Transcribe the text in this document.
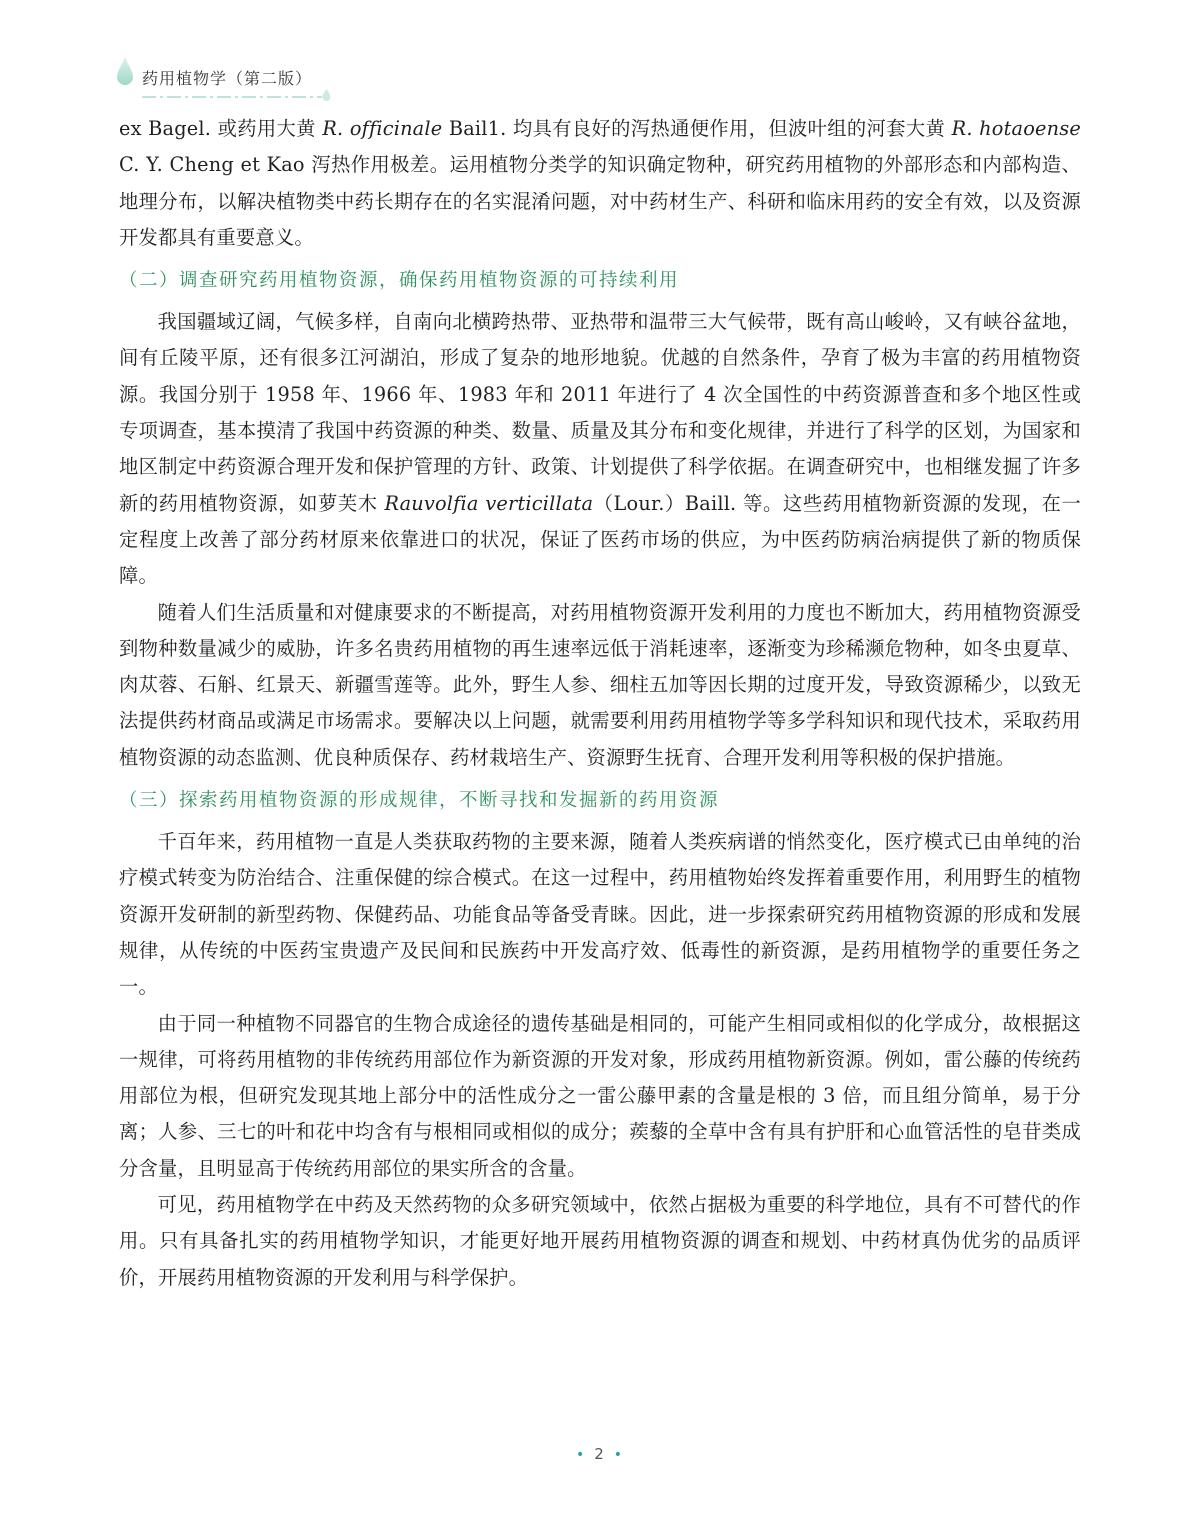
药用植物学（第二版）

ex Bagel. 或药用大黄 R. officinale Bail1. 均具有良好的泻热通便作用，但波叶组的河套大黄 R. hotaoense C. Y. Cheng et Kao 泻热作用极差。运用植物分类学的知识确定物种，研究药用植物的外部形态和内部构造、地理分布，以解决植物类中药长期存在的名实混淆问题，对中药材生产、科研和临床用药的安全有效，以及资源开发都具有重要意义。

（二）调查研究药用植物资源，确保药用植物资源的可持续利用

我国疆域辽阔，气候多样，自南向北横跨热带、亚热带和温带三大气候带，既有高山峻岭，又有峡谷盆地，间有丘陵平原，还有很多江河湖泊，形成了复杂的地形地貌。优越的自然条件，孕育了极为丰富的药用植物资源。我国分别于 1958 年、1966 年、1983 年和 2011 年进行了 4 次全国性的中药资源普查和多个地区性或专项调查，基本摸清了我国中药资源的种类、数量、质量及其分布和变化规律，并进行了科学的区划，为国家和地区制定中药资源合理开发和保护管理的方针、政策、计划提供了科学依据。在调查研究中，也相继发掘了许多新的药用植物资源，如萝芙木 Rauvolfia verticillata（Lour.）Baill. 等。这些药用植物新资源的发现，在一定程度上改善了部分药材原来依靠进口的状况，保证了医药市场的供应，为中医药防病治病提供了新的物质保障。

随着人们生活质量和对健康要求的不断提高，对药用植物资源开发利用的力度也不断加大，药用植物资源受到物种数量减少的威胁，许多名贵药用植物的再生速率远低于消耗速率，逐渐变为珍稀濒危物种，如冬虫夏草、肉苁蓉、石斛、红景天、新疆雪莲等。此外，野生人参、细柱五加等因长期的过度开发，导致资源稀少，以致无法提供药材商品或满足市场需求。要解决以上问题，就需要利用药用植物学等多学科知识和现代技术，采取药用植物资源的动态监测、优良种质保存、药材栽培生产、资源野生抚育、合理开发利用等积极的保护措施。

（三）探索药用植物资源的形成规律，不断寻找和发掘新的药用资源

千百年来，药用植物一直是人类获取药物的主要来源，随着人类疾病谱的悄然变化，医疗模式已由单纯的治疗模式转变为防治结合、注重保健的综合模式。在这一过程中，药用植物始终发挥着重要作用，利用野生的植物资源开发研制的新型药物、保健药品、功能食品等备受青睐。因此，进一步探索研究药用植物资源的形成和发展规律，从传统的中医药宝贵遗产及民间和民族药中开发高疗效、低毒性的新资源，是药用植物学的重要任务之一。

由于同一种植物不同器官的生物合成途径的遗传基础是相同的，可能产生相同或相似的化学成分，故根据这一规律，可将药用植物的非传统药用部位作为新资源的开发对象，形成药用植物新资源。例如，雷公藤的传统药用部位为根，但研究发现其地上部分中的活性成分之一雷公藤甲素的含量是根的 3 倍，而且组分简单，易于分离；人参、三七的叶和花中均含有与根相同或相似的成分；蒺藜的全草中含有具有护肝和心血管活性的皂苷类成分含量，且明显高于传统药用部位的果实所含的含量。

可见，药用植物学在中药及天然药物的众多研究领域中，依然占据极为重要的科学地位，具有不可替代的作用。只有具备扎实的药用植物学知识，才能更好地开展药用植物资源的调查和规划、中药材真伪优劣的品质评价，开展药用植物资源的开发利用与科学保护。

• 2 •
